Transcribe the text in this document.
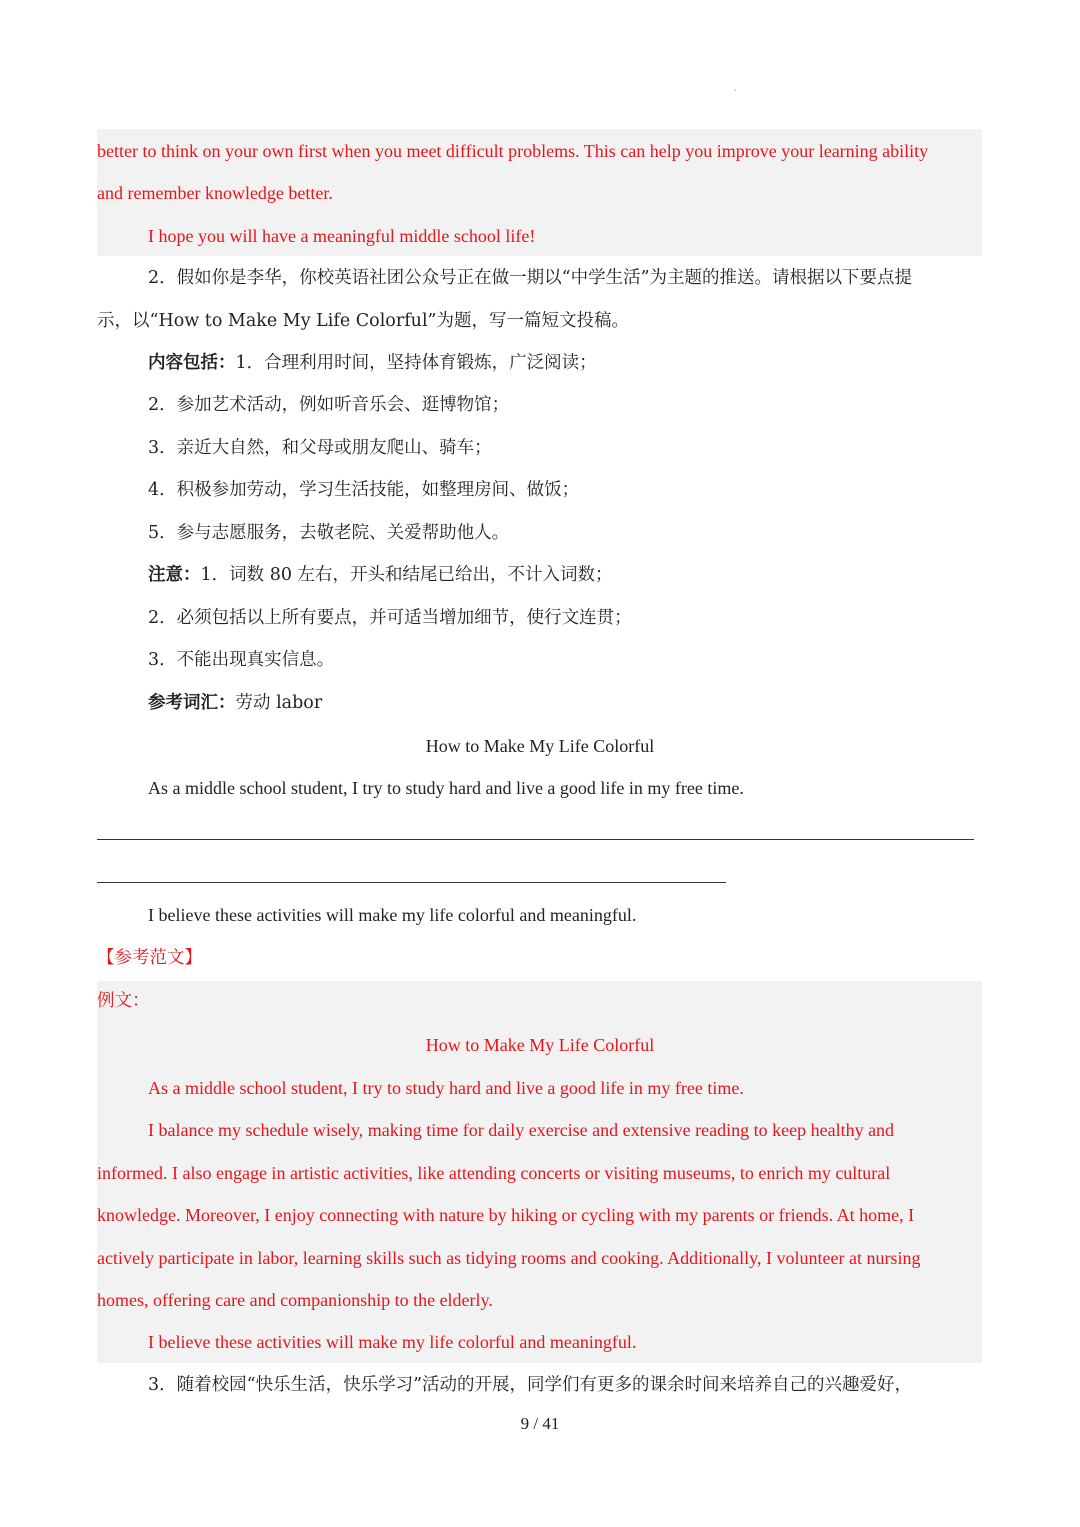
'
better to think on your own first when you meet difficult problems. This can help you improve your learning ability
and remember knowledge better.
I hope you will have a meaningful middle school life!
2．假如你是李华，你校英语社团公众号正在做一期以“中学生活”为主题的推送。请根据以下要点提
示，以“How to Make My Life Colorful”为题，写一篇短文投稿。
内容包括：1．合理利用时间，坚持体育锻炼，广泛阅读；
2．参加艺术活动，例如听音乐会、逛博物馆；
3．亲近大自然，和父母或朋友爬山、骑车；
4．积极参加劳动，学习生活技能，如整理房间、做饭；
5．参与志愿服务，去敬老院、关爱帮助他人。
注意：1．词数 80 左右，开头和结尾已给出，不计入词数；
2．必须包括以上所有要点，并可适当增加细节，使行文连贯；
3．不能出现真实信息。
参考词汇：劳动 labor
How to Make My Life Colorful
As a middle school student, I try to study hard and live a good life in my free time.
I believe these activities will make my life colorful and meaningful.
【参考范文】
例文：
How to Make My Life Colorful
As a middle school student, I try to study hard and live a good life in my free time.
I balance my schedule wisely, making time for daily exercise and extensive reading to keep healthy and
informed. I also engage in artistic activities, like attending concerts or visiting museums, to enrich my cultural
knowledge. Moreover, I enjoy connecting with nature by hiking or cycling with my parents or friends. At home, I
actively participate in labor, learning skills such as tidying rooms and cooking. Additionally, I volunteer at nursing
homes, offering care and companionship to the elderly.
I believe these activities will make my life colorful and meaningful.
3．随着校园“快乐生活，快乐学习”活动的开展，同学们有更多的课余时间来培养自己的兴趣爱好，
9 / 41
